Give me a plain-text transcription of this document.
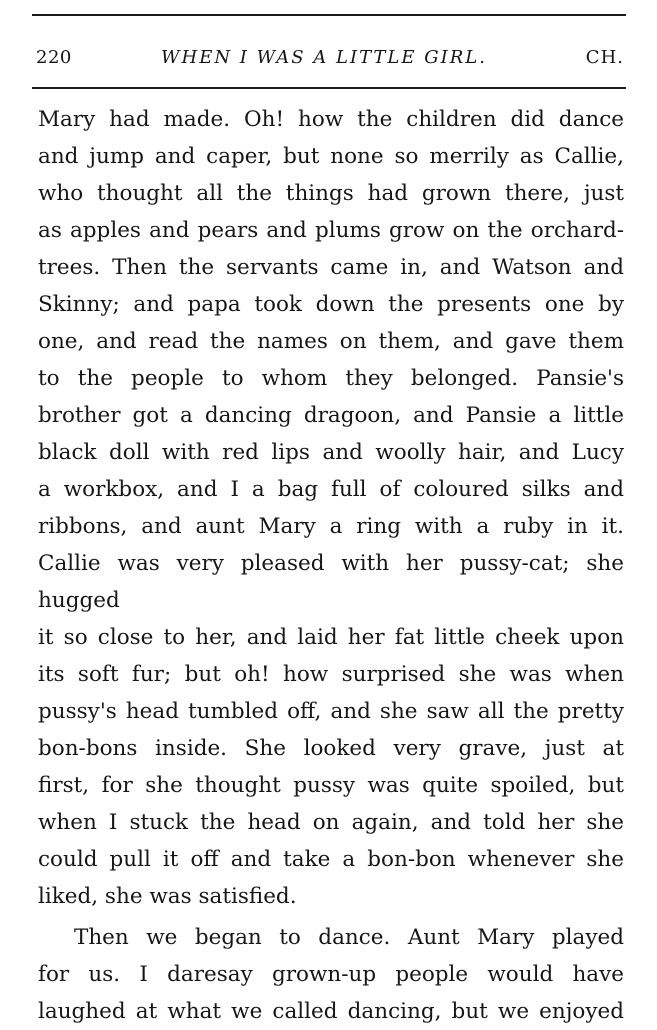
220	WHEN I WAS A LITTLE GIRL.	CH.

Mary had made. Oh! how the children did dance

and jump and caper, but none so merrily as Callie,

who thought all the things had grown there, just

as apples and pears and plums grow on the orchard-

trees. Then the servants came in, and Watson and

Skinny; and papa took down the presents one by

one, and read the names on them, and gave them

to the people to whom they belonged. Pansie's

brother got a dancing dragoon, and Pansie a little

black doll with red lips and woolly hair, and Lucy

a workbox, and I a bag full of coloured silks and

ribbons, and aunt Mary a ring with a ruby in it.

Callie was very pleased with her pussy-cat; she hugged

it so close to her, and laid her fat little cheek upon

its soft fur; but oh! how surprised she was when

pussy's head tumbled off, and she saw all the pretty

bon-bons inside. She looked very grave, just at

first, for she thought pussy was quite spoiled, but

when I stuck the head on again, and told her she

could pull it off and take a bon-bon whenever she

liked, she was satisfied.

Then we began to dance. Aunt Mary played

for us. I daresay grown-up people would have

laughed at what we called dancing, but we enjoyed
